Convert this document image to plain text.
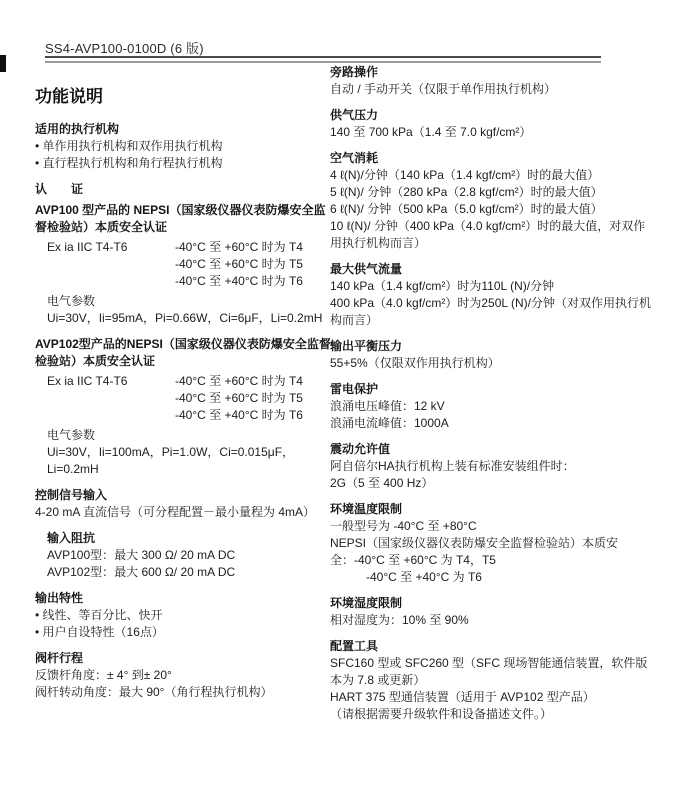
SS4-AVP100-0100D (6 版)
功能说明
适用的执行机构
• 单作用执行机构和双作用执行机构
• 直行程执行机构和角行程执行机构
认　　证
AVP100 型产品的 NEPSI（国家级仪器仪表防爆安全监督检验站）本质安全认证
Ex ia IIC T4-T6	-40°C 至 +60°C 时为 T4
-40°C 至 +60°C 时为 T5
-40°C 至 +40°C 时为 T6
电气参数
Ui=30V，Ii=95mA，Pi=0.66W，Ci=6μF，Li=0.2mH
AVP102型产品的NEPSI（国家级仪器仪表防爆安全监督检验站）本质安全认证
Ex ia IIC T4-T6	-40°C 至 +60°C 时为 T4
-40°C 至 +60°C 时为 T5
-40°C 至 +40°C 时为 T6
电气参数
Ui=30V，Ii=100mA，Pi=1.0W，Ci=0.015μF，Li=0.2mH
控制信号输入
4-20 mA 直流信号（可分程配置－最小量程为 4mA）
输入阻抗
AVP100型：最大 300 Ω/ 20 mA DC
AVP102型：最大 600 Ω/ 20 mA DC
输出特性
• 线性、等百分比、快开
• 用户自设特性（16点）
阀杆行程
反馈杆角度：± 4° 到± 20°
阀杆转动角度：最大 90°（角行程执行机构）
旁路操作
自动 / 手动开关（仅限于单作用执行机构）
供气压力
140 至 700 kPa（1.4 至 7.0 kgf/cm²）
空气消耗
4 ℓ(N)/分钟（140 kPa（1.4 kgf/cm²）时的最大值）
5 ℓ(N)/ 分钟（280 kPa（2.8 kgf/cm²）时的最大值）
6 ℓ(N)/ 分钟（500 kPa（5.0 kgf/cm²）时的最大值）
10 ℓ(N)/ 分钟（400 kPa（4.0 kgf/cm²）时的最大值，对双作用执行机构而言）
最大供气流量
140 kPa（1.4 kgf/cm²）时为110L (N)/分钟
400 kPa（4.0 kgf/cm²）时为250L (N)/分钟（对双作用执行机构而言）
输出平衡压力
55+5%（仅限双作用执行机构）
雷电保护
浪涌电压峰值：12 kV
浪涌电流峰值：1000A
震动允许值
阿自倍尔HA执行机构上装有标准安装组件时：
2G（5 至 400 Hz）
环境温度限制
一般型号为 -40°C 至 +80°C
NEPSI（国家级仪器仪表防爆安全监督检验站）本质安全：-40°C 至 +60°C 为 T4，T5
-40°C 至 +40°C 为 T6
环境湿度限制
相对湿度为：10% 至 90%
配置工具
SFC160 型或 SFC260 型（SFC 现场智能通信装置，软件版本为 7.8 或更新）
HART 375 型通信装置（适用于 AVP102 型产品）
（请根据需要升级软件和设备描述文件。）
